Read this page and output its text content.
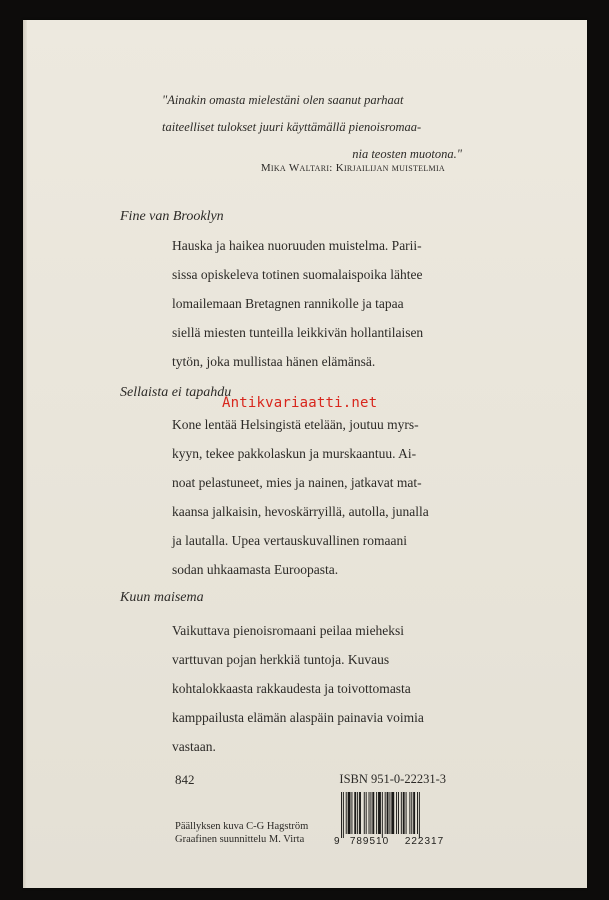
"Ainakin omasta mielestäni olen saanut parhaat
taiteelliset tulokset juuri käyttämällä pienoisromaa-
nia teosten muotona."
Mika Waltari: Kirjailijan muistelmia
Fine van Brooklyn
Hauska ja haikea nuoruuden muistelma. Parii-
sissa opiskeleva totinen suomalaispoika lähtee
lomailemaan Bretagnen rannikolle ja tapaa
siellä miesten tunteilla leikkivän hollantilaisen
tytön, joka mullistaa hänen elämänsä.
Sellaista ei tapahdu
Kone lentää Helsingistä etelään, joutuu myrs-
kyyn, tekee pakkolaskun ja murskaantuu. Ai-
noat pelastuneet, mies ja nainen, jatkavat mat-
kaansa jalkaisin, hevoskärryillä, autolla, junalla
ja lautalla. Upea vertauskuvallinen romaani
sodan uhkaamasta Euroopasta.
Antikvariaatti.net
Kuun maisema
Vaikuttava pienoisromaani peilaa mieheksi
varttuvan pojan herkkiä tuntoja. Kuvaus
kohtalokkaasta rakkaudesta ja toivottomasta
kamppailusta elämän alaspäin painavia voimia
vastaan.
842	ISBN 951-0-22231-3
Päällyksen kuva C-G Hagström
Graafinen suunnittelu M. Virta	9	789510	222317
